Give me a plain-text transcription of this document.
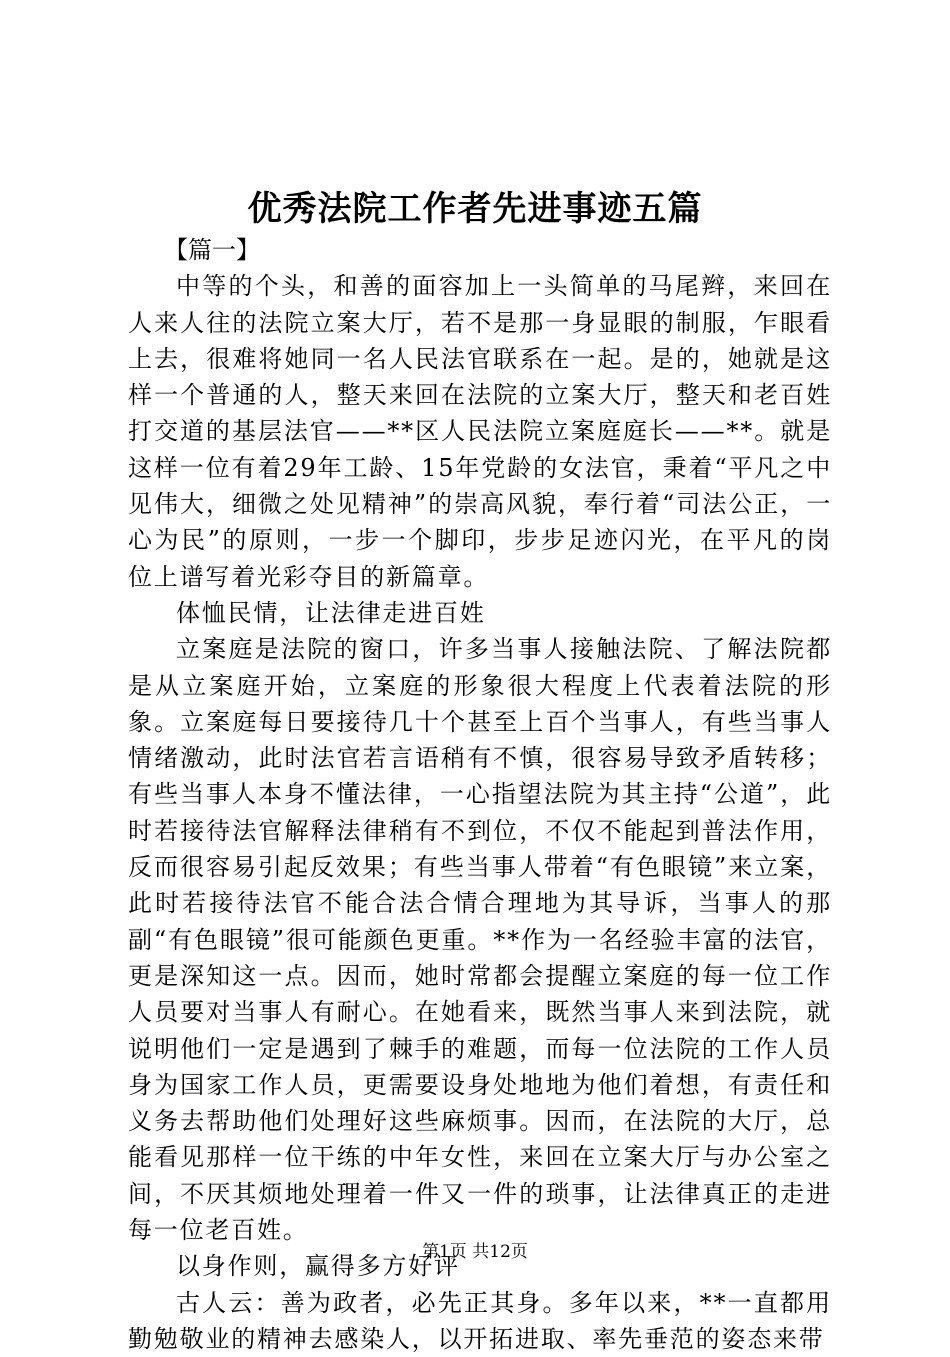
优秀法院工作者先进事迹五篇
【篇一】

中等的个头，和善的面容加上一头简单的马尾辫，来回在人来人往的法院立案大厅，若不是那一身显眼的制服，乍眼看上去，很难将她同一名人民法官联系在一起。是的，她就是这样一个普通的人，整天来回在法院的立案大厅，整天和老百姓打交道的基层法官——**区人民法院立案庭庭长——**。就是这样一位有着29年工龄、15年党龄的女法官，秉着“平凡之中见伟大，细微之处见精神”的崇高风貌，奉行着“司法公正，一心为民”的原则，一步一个脚印，步步足迹闪光，在平凡的岗位上谱写着光彩夺目的新篇章。

体恤民情，让法律走进百姓

立案庭是法院的窗口，许多当事人接触法院、了解法院都是从立案庭开始，立案庭的形象很大程度上代表着法院的形象。立案庭每日要接待几十个甚至上百个当事人，有些当事人情绪激动，此时法官若言语稍有不慎，很容易导致矛盾转移；有些当事人本身不懂法律，一心指望法院为其主持“公道”，此时若接待法官解释法律稍有不到位，不仅不能起到普法作用，反而很容易引起反效果；有些当事人带着“有色眼镜”来立案，此时若接待法官不能合法合情合理地为其导诉，当事人的那副“有色眼镜”很可能颜色更重。**作为一名经验丰富的法官，更是深知这一点。因而，她时常都会提醒立案庭的每一位工作人员要对当事人有耐心。在她看来，既然当事人来到法院，就说明他们一定是遇到了棘手的难题，而每一位法院的工作人员身为国家工作人员，更需要设身处地地为他们着想，有责任和义务去帮助他们处理好这些麻烦事。因而，在法院的大厅，总能看见那样一位干练的中年女性，来回在立案大厅与办公室之间，不厌其烦地处理着一件又一件的琐事，让法律真正的走进每一位老百姓。

以身作则，赢得多方好评

古人云：善为政者，必先正其身。多年以来，**一直都用勤勉敬业的精神去感染人，以开拓进取、率先垂范的姿态来带

第1页 共12页
